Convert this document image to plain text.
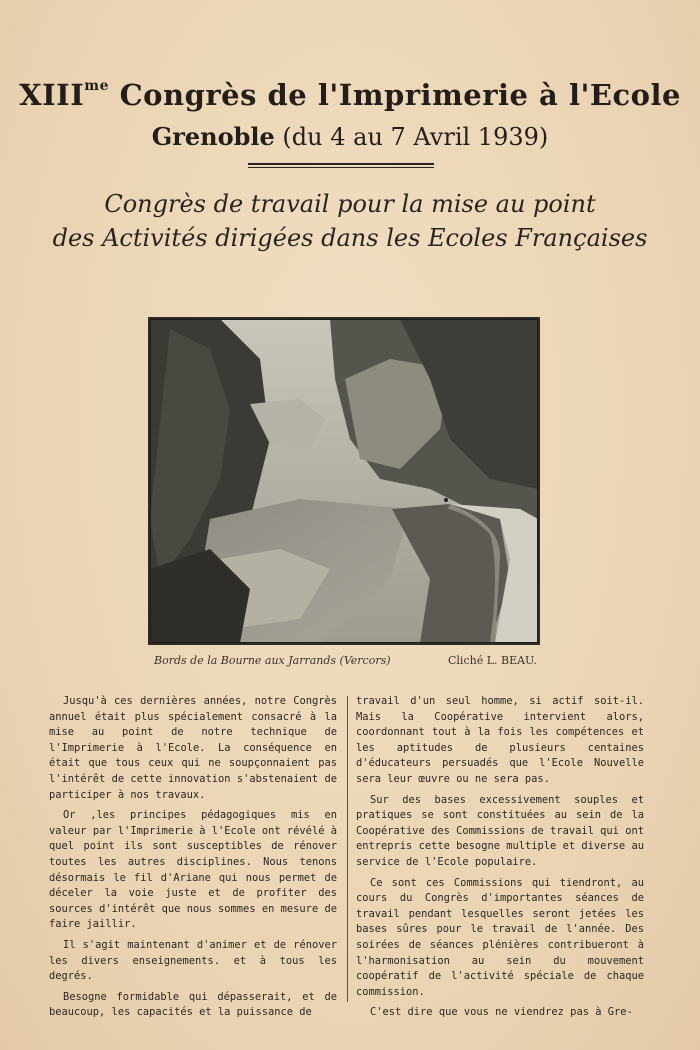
$XIII^{me}$ Congrès de l'Imprimerie à l'Ecole
Grenoble (du 4 au 7 Avril 1939)
Congrès de travail pour la mise au point
des Activités dirigées dans les Ecoles Françaises
Bords de la Bourne aux Jarrands (Vercors)	Cliché L. BEAU.

Jusqu'à ces dernières années, notre Congrès annuel était plus spécialement consacré à la mise au point de notre technique de l'Imprimerie à l'Ecole. La conséquence en était que tous ceux qui ne soupçonnaient pas l'intérêt de cette innovation s'abstenaient de participer à nos travaux.

Or ,les principes pédagogiques mis en valeur par l'Imprimerie à l'Ecole ont révélé à quel point ils sont susceptibles de rénover toutes les autres disciplines. Nous tenons désormais le fil d'Ariane qui nous permet de déceler la voie juste et de profiter des sources d'intérêt que nous sommes en mesure de faire jaillir.

Il s'agit maintenant d'animer et de rénover les divers enseignements. et à tous les degrés.

Besogne formidable qui dépasserait, et de beaucoup, les capacités et la puissance de

travail d'un seul homme, si actif soit-il. Mais la Coopérative intervient alors, coordonnant tout à la fois les compétences et les aptitudes de plusieurs centaines d'éducateurs persuadés que l'Ecole Nouvelle sera leur œuvre ou ne sera pas.

Sur des bases excessivement souples et pratiques se sont constituées au sein de la Coopérative des Commissions de travail qui ont entrepris cette besogne multiple et diverse au service de l'Ecole populaire.

Ce sont ces Commissions qui tiendront, au cours du Congrès d'importantes séances de travail pendant lesquelles seront jetées les bases sûres pour le travail de l'année. Des soirées de séances plénières contribueront à l'harmonisation au sein du mouvement coopératif de l'activité spéciale de chaque commission.

C'est dire que vous ne viendrez pas à Gre-
